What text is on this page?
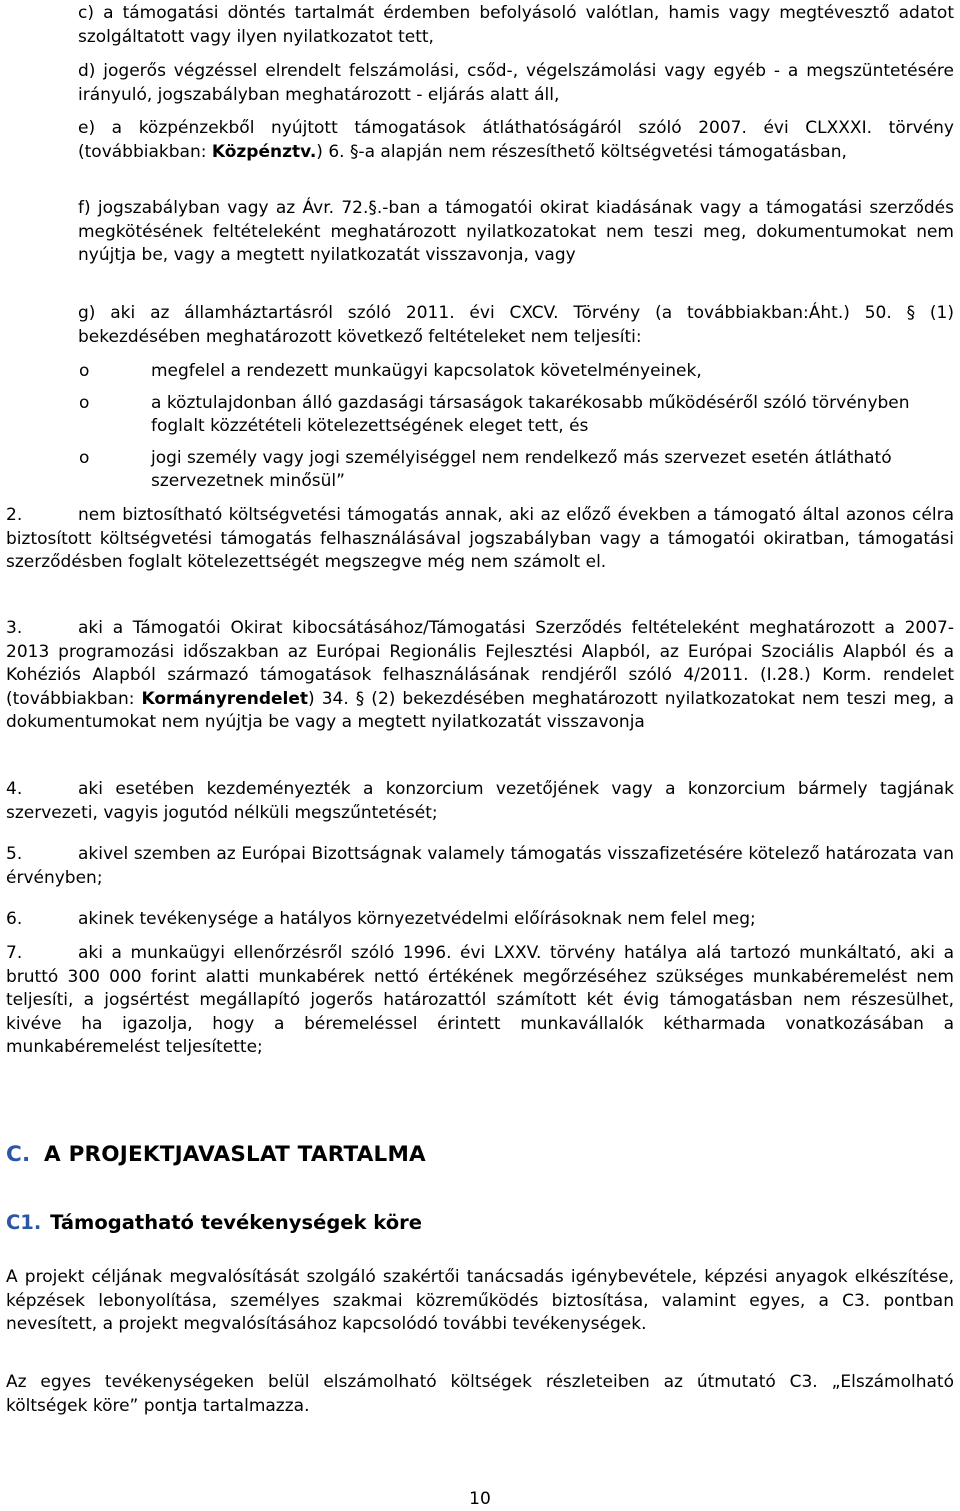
c) a támogatási döntés tartalmát érdemben befolyásoló valótlan, hamis vagy megtévesztő adatot szolgáltatott vagy ilyen nyilatkozatot tett,
d) jogerős végzéssel elrendelt felszámolási, csőd-, végelszámolási vagy egyéb - a megszüntetésére irányuló, jogszabályban meghatározott - eljárás alatt áll,
e) a közpénzekből nyújtott támogatások átláthatóságáról szóló 2007. évi CLXXXI. törvény (továbbiakban: Közpénztv.) 6. §-a alapján nem részesíthető költségvetési támogatásban,
f) jogszabályban vagy az Ávr. 72.§.-ban a támogatói okirat kiadásának vagy a támogatási szerződés megkötésének feltételeként meghatározott nyilatkozatokat nem teszi meg, dokumentumokat nem nyújtja be, vagy a megtett nyilatkozatát visszavonja, vagy
g) aki az államháztartásról szóló 2011. évi CXCV. Törvény (a továbbiakban:Áht.) 50. § (1) bekezdésében meghatározott következő feltételeket nem teljesíti:
o	megfelel a rendezett munkaügyi kapcsolatok követelményeinek,
o	a köztulajdonban álló gazdasági társaságok takarékosabb működéséről szóló törvényben foglalt közzétételi kötelezettségének eleget tett, és
o	jogi személy vagy jogi személyiséggel nem rendelkező más szervezet esetén átlátható szervezetnek minősül”
2.	nem biztosítható költségvetési támogatás annak, aki az előző években a támogató által azonos célra biztosított költségvetési támogatás felhasználásával jogszabályban vagy a támogatói okiratban, támogatási szerződésben foglalt kötelezettségét megszegve még nem számolt el.
3.	aki a Támogatói Okirat kibocsátásához/Támogatási Szerződés feltételeként meghatározott a 2007-2013 programozási időszakban az Európai Regionális Fejlesztési Alapból, az Európai Szociális Alapból és a Kohéziós Alapból származó támogatások felhasználásának rendjéről szóló 4/2011. (I.28.) Korm. rendelet (továbbiakban: Kormányrendelet) 34. § (2) bekezdésében meghatározott nyilatkozatokat nem teszi meg, a dokumentumokat nem nyújtja be vagy a megtett nyilatkozatát visszavonja
4.	aki esetében kezdeményezték a konzorcium vezetőjének vagy a konzorcium bármely tagjának szervezeti, vagyis jogutód nélküli megszűntetését;
5.	akivel szemben az Európai Bizottságnak valamely támogatás visszafizetésére kötelező határozata van érvényben;
6.	akinek tevékenysége a hatályos környezetvédelmi előírásoknak nem felel meg;
7.	aki a munkaügyi ellenőrzésről szóló 1996. évi LXXV. törvény hatálya alá tartozó munkáltató, aki a bruttó 300 000 forint alatti munkabérek nettó értékének megőrzéséhez szükséges munkabéremelést nem teljesíti, a jogsértést megállapító jogerős határozattól számított két évig támogatásban nem részesülhet, kivéve ha igazolja, hogy a béremeléssel érintett munkavállalók kétharmada vonatkozásában a munkabéremelést teljesítette;
C. A PROJEKTJAVASLAT TARTALMA
C1. Támogatható tevékenységek köre
A projekt céljának megvalósítását szolgáló szakértői tanácsadás igénybevétele, képzési anyagok elkészítése, képzések lebonyolítása, személyes szakmai közreműködés biztosítása, valamint egyes, a C3. pontban nevesített, a projekt megvalósításához kapcsolódó további tevékenységek.
Az egyes tevékenységeken belül elszámolható költségek részleteiben az útmutató C3. „Elszámolható költségek köre” pontja tartalmazza.
10
